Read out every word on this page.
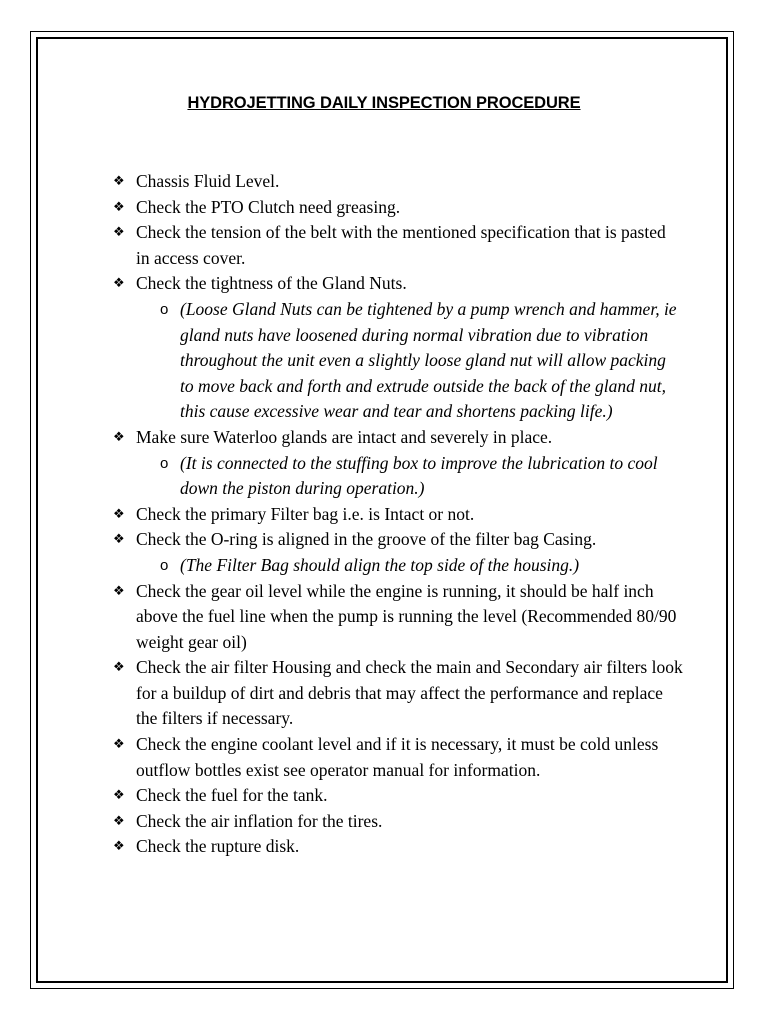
HYDROJETTING DAILY INSPECTION PROCEDURE
❖ Chassis Fluid Level.
❖ Check the PTO Clutch need greasing.
❖ Check the tension of the belt with the mentioned specification that is pasted in access cover.
❖ Check the tightness of the Gland Nuts.
o (Loose Gland Nuts can be tightened by a pump wrench and hammer, ie gland nuts have loosened during normal vibration due to vibration throughout the unit even a slightly loose gland nut will allow packing to move back and forth and extrude outside the back of the gland nut, this cause excessive wear and tear and shortens packing life.)
❖ Make sure Waterloo glands are intact and severely in place.
o (It is connected to the stuffing box to improve the lubrication to cool down the piston during operation.)
❖ Check the primary Filter bag i.e. is Intact or not.
❖ Check the O-ring is aligned in the groove of the filter bag Casing.
o (The Filter Bag should align the top side of the housing.)
❖ Check the gear oil level while the engine is running, it should be half inch above the fuel line when the pump is running the level (Recommended 80/90 weight gear oil)
❖ Check the air filter Housing and check the main and Secondary air filters look for a buildup of dirt and debris that may affect the performance and replace the filters if necessary.
❖ Check the engine coolant level and if it is necessary, it must be cold unless outflow bottles exist see operator manual for information.
❖ Check the fuel for the tank.
❖ Check the air inflation for the tires.
❖ Check the rupture disk.
